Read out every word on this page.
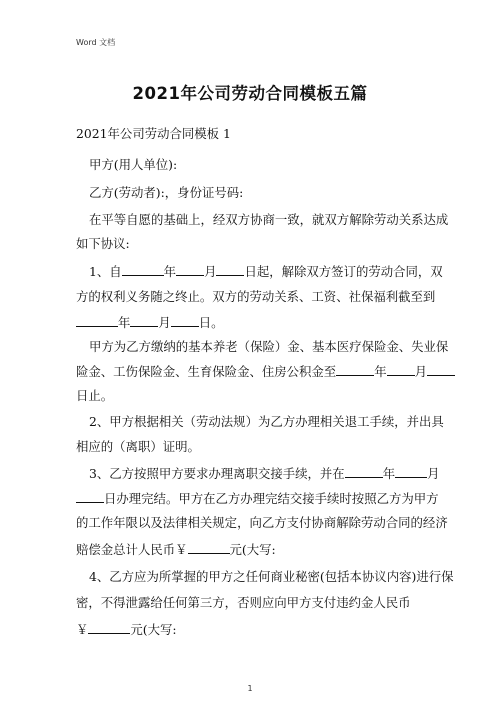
Word 文档
2021年公司劳动合同模板五篇
2021年公司劳动合同模板 1
甲方(用人单位):
乙方(劳动者):，身份证号码:
在平等自愿的基础上，经双方协商一致，就双方解除劳动关系达成
如下协议:
1、自	年 月 日起，解除双方签订的劳动合同，双
方的权利义务随之终止。双方的劳动关系、工资、社保福利截至到
年 月 日。
甲方为乙方缴纳的基本养老（保险）金、基本医疗保险金、失业保
险金、工伤保险金、生育保险金、住房公积金至	年 月
日止。
2、甲方根据相关（劳动法规）为乙方办理相关退工手续，并出具
相应的（离职）证明。
3、乙方按照甲方要求办理离职交接手续，并在	年	月
日办理完结。甲方在乙方办理完结交接手续时按照乙方为甲方
的工作年限以及法律相关规定，向乙方支付协商解除劳动合同的经济
赔偿金总计人民币￥	元(大写:
4、乙方应为所掌握的甲方之任何商业秘密(包括本协议内容)进行保
密，不得泄露给任何第三方，否则应向甲方支付违约金人民币
￥	元(大写:
1
